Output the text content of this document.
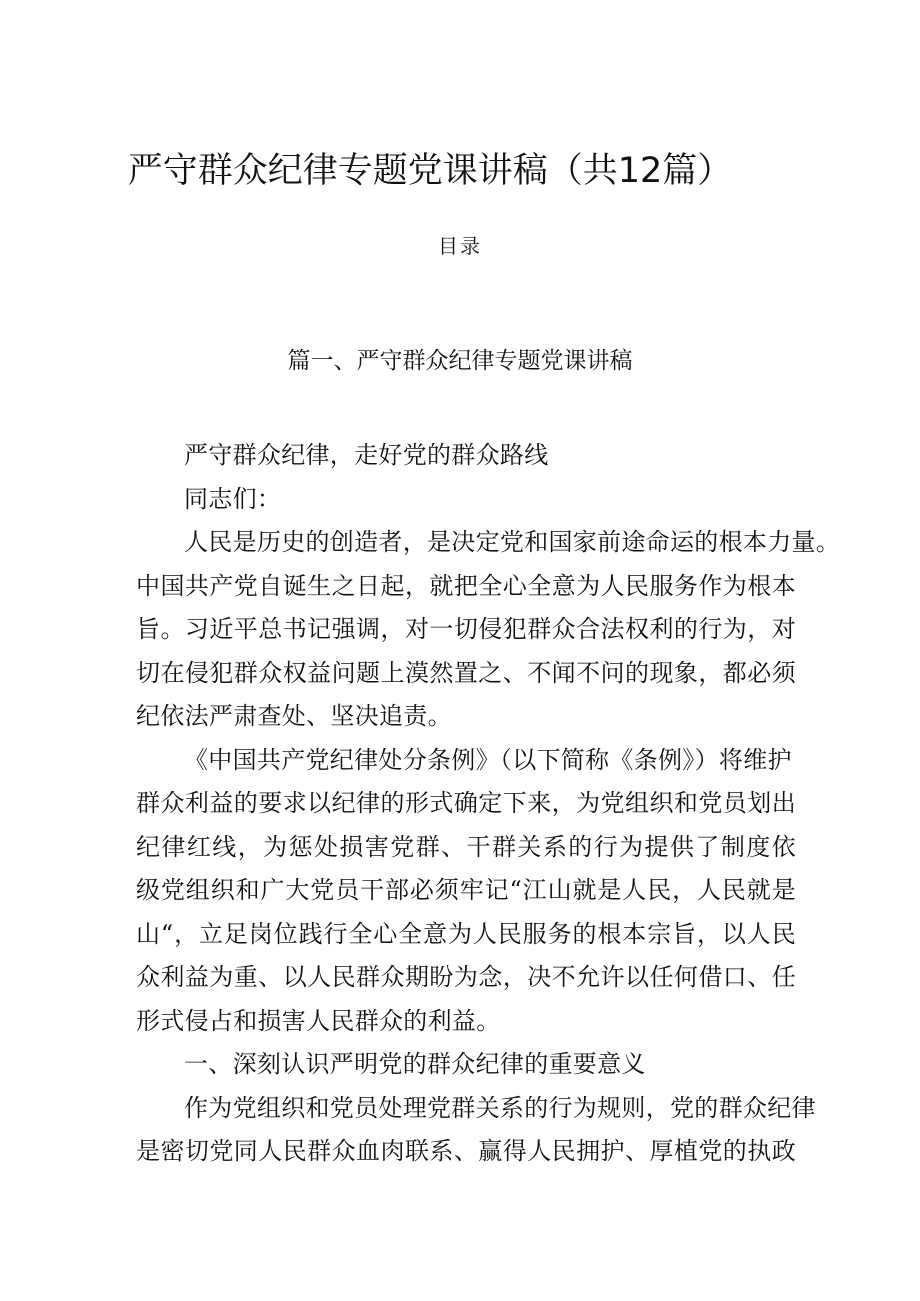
严守群众纪律专题党课讲稿（共12篇）
目录
篇一、严守群众纪律专题党课讲稿
严守群众纪律，走好党的群众路线
同志们：
人民是历史的创造者，是决定党和国家前途命运的根本力量。
中国共产党自诞生之日起，就把全心全意为人民服务作为根本
旨。习近平总书记强调，对一切侵犯群众合法权利的行为，对
切在侵犯群众权益问题上漠然置之、不闻不问的现象，都必须
纪依法严肃查处、坚决追责。
《中国共产党纪律处分条例》（以下简称《条例》）将维护
群众利益的要求以纪律的形式确定下来，为党组织和党员划出
纪律红线，为惩处损害党群、干群关系的行为提供了制度依
级党组织和广大党员干部必须牢记“江山就是人民，人民就是
山“，立足岗位践行全心全意为人民服务的根本宗旨，以人民
众利益为重、以人民群众期盼为念，决不允许以任何借口、任
形式侵占和损害人民群众的利益。
一、深刻认识严明党的群众纪律的重要意义
作为党组织和党员处理党群关系的行为规则，党的群众纪律
是密切党同人民群众血肉联系、赢得人民拥护、厚植党的执政
